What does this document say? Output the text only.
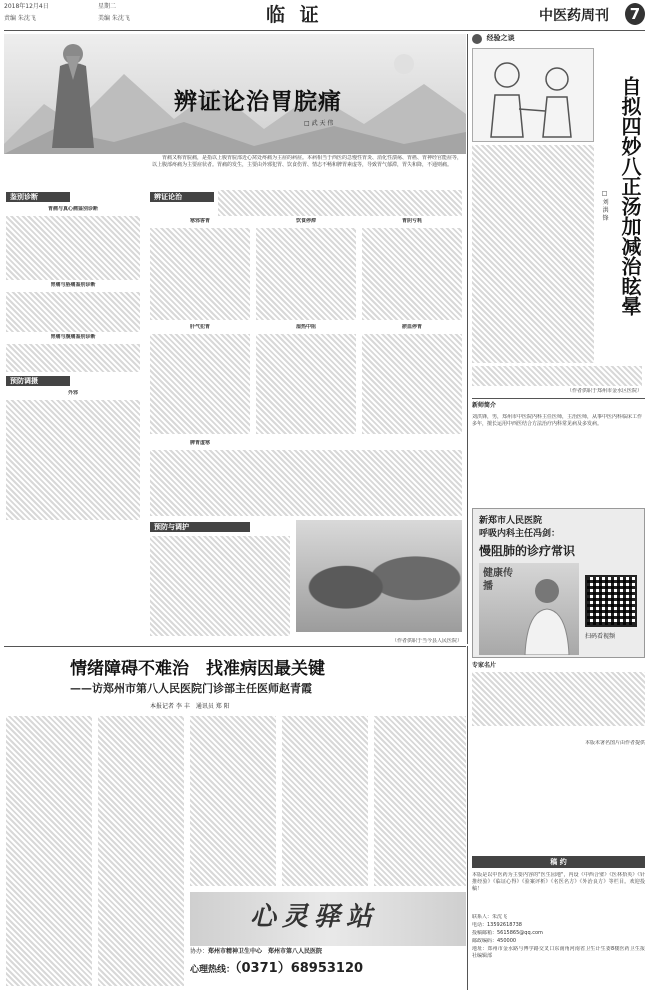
2018年12月4日	星期二
责编 朱沈飞	美编 朱沈飞	临 证	中医药周刊	7
辨证论治胃脘痛
□ 武 天 伟
胃痛又称胃脘痛，是指以上腹胃脘部近心窝处疼痛为主症的病症。本病相当于西医的急慢性胃炎、消化性溃疡、胃癌、胃神经官能症等，以上腹部疼痛为主要症状者。胃痛的发生，主要由外邪犯胃、饮食伤胃、情志不畅和脾胃素虚等，导致胃气郁滞，胃失和降，不通则痛。
鉴别诊断
胃痛与真心痛鉴别诊断
胃痛与胁痛鉴别诊断
胃痛与腹痛鉴别诊断
预防调摄
外邪
辨证论治
寒邪客胃	饮食停滞	胃阴亏耗
肝气犯胃	湿热中阻	瘀血停胃
脾胃虚寒
预防与调护
（作者供职于当今县人民医院）
经验之谈
自拟四妙八正汤加减治眩晕
□ 刘 洪 锋
（作者供职于郑州市金水区医院）
新师简介
刘洪锋，男，郑州市中医院内科主任医师，主治医师，从事中医内科临床工作多年，擅长运用中西医结合方法治疗内科常见病及多发病。
新郑市人民医院
呼吸内科主任冯剑：
慢阻肺的诊疗常识
健康传播
扫码看视频
专家名片
本版未署名图片由作者提供
情绪障碍不难治　找准病因最关键
——访郑州市第八人民医院门诊部主任医师赵青霞
本报记者 李 丰　通讯员 郑 阳
心灵驿站
协办：郑州市精神卫生中心　郑州市第八人民医院
心理热线：（0371）68953120
稿 约
本版是以中医药为主要内容的"医生园地"，内设《中西合璧》《医林拾英》《针推经验》《临证心得》《验案评析》《名医名方》《外治良方》等栏目。欢迎投稿！
联系人：朱沈飞
电话：13592618738
投稿邮箱：5615865@qq.com
邮政编码：450000
地址：郑州市金水路与博学路交叉口东南角河南省卫生计生委8楼医药卫生报社编辑部
